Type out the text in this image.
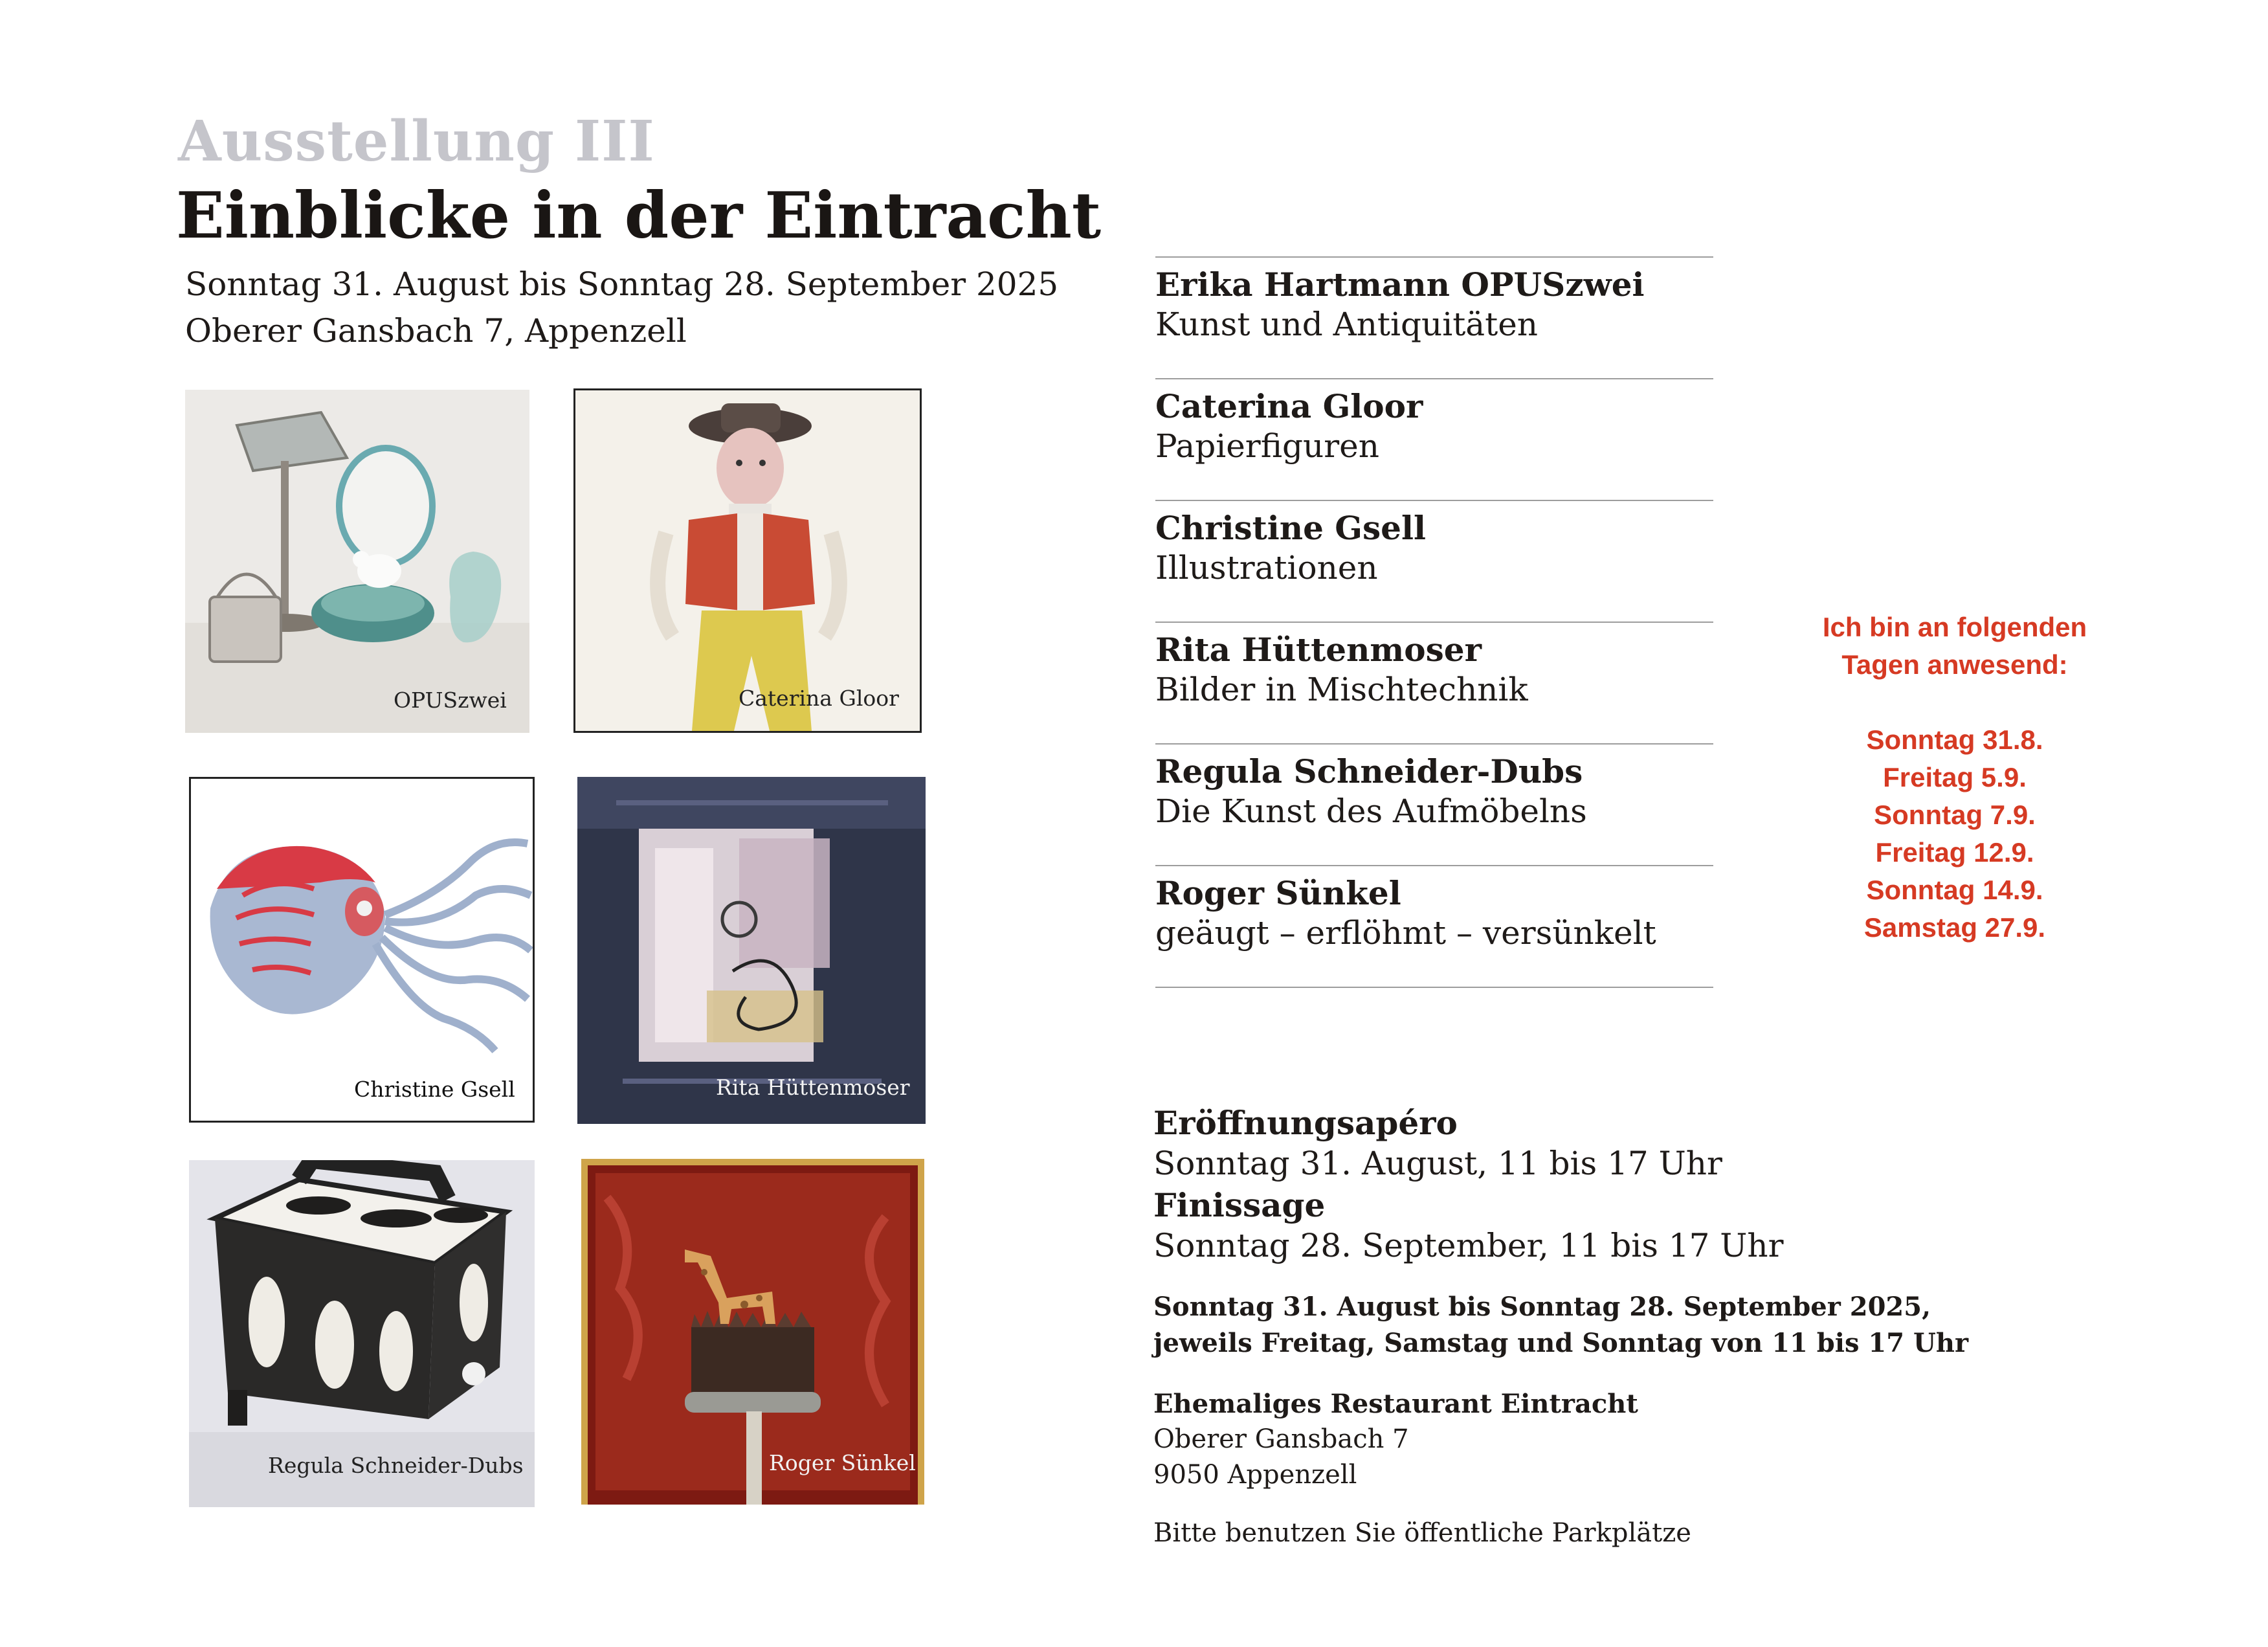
Ausstellung III
Einblicke in der Eintracht
Sonntag 31. August bis Sonntag 28. September 2025
Oberer Gansbach 7, Appenzell
OPUSzwei	Caterina Gloor
Christine Gsell	Rita Hüttenmoser
Regula Schneider-Dubs	Roger Sünkel
Erika Hartmann OPUSzwei
Kunst und Antiquitäten
Caterina Gloor
Papierfiguren
Christine Gsell
Illustrationen
Rita Hüttenmoser
Bilder in Mischtechnik
Regula Schneider-Dubs
Die Kunst des Aufmöbelns
Roger Sünkel
geäugt – erflöhmt – versünkelt
Ich bin an folgenden
Tagen anwesend:
Sonntag 31.8.
Freitag 5.9.
Sonntag 7.9.
Freitag 12.9.
Sonntag 14.9.
Samstag 27.9.
Eröffnungsapéro
Sonntag 31. August, 11 bis 17 Uhr
Finissage
Sonntag 28. September, 11 bis 17 Uhr
Sonntag 31. August bis Sonntag 28. September 2025,
jeweils Freitag, Samstag und Sonntag von 11 bis 17 Uhr
Ehemaliges Restaurant Eintracht
Oberer Gansbach 7
9050 Appenzell
Bitte benutzen Sie öffentliche Parkplätze
